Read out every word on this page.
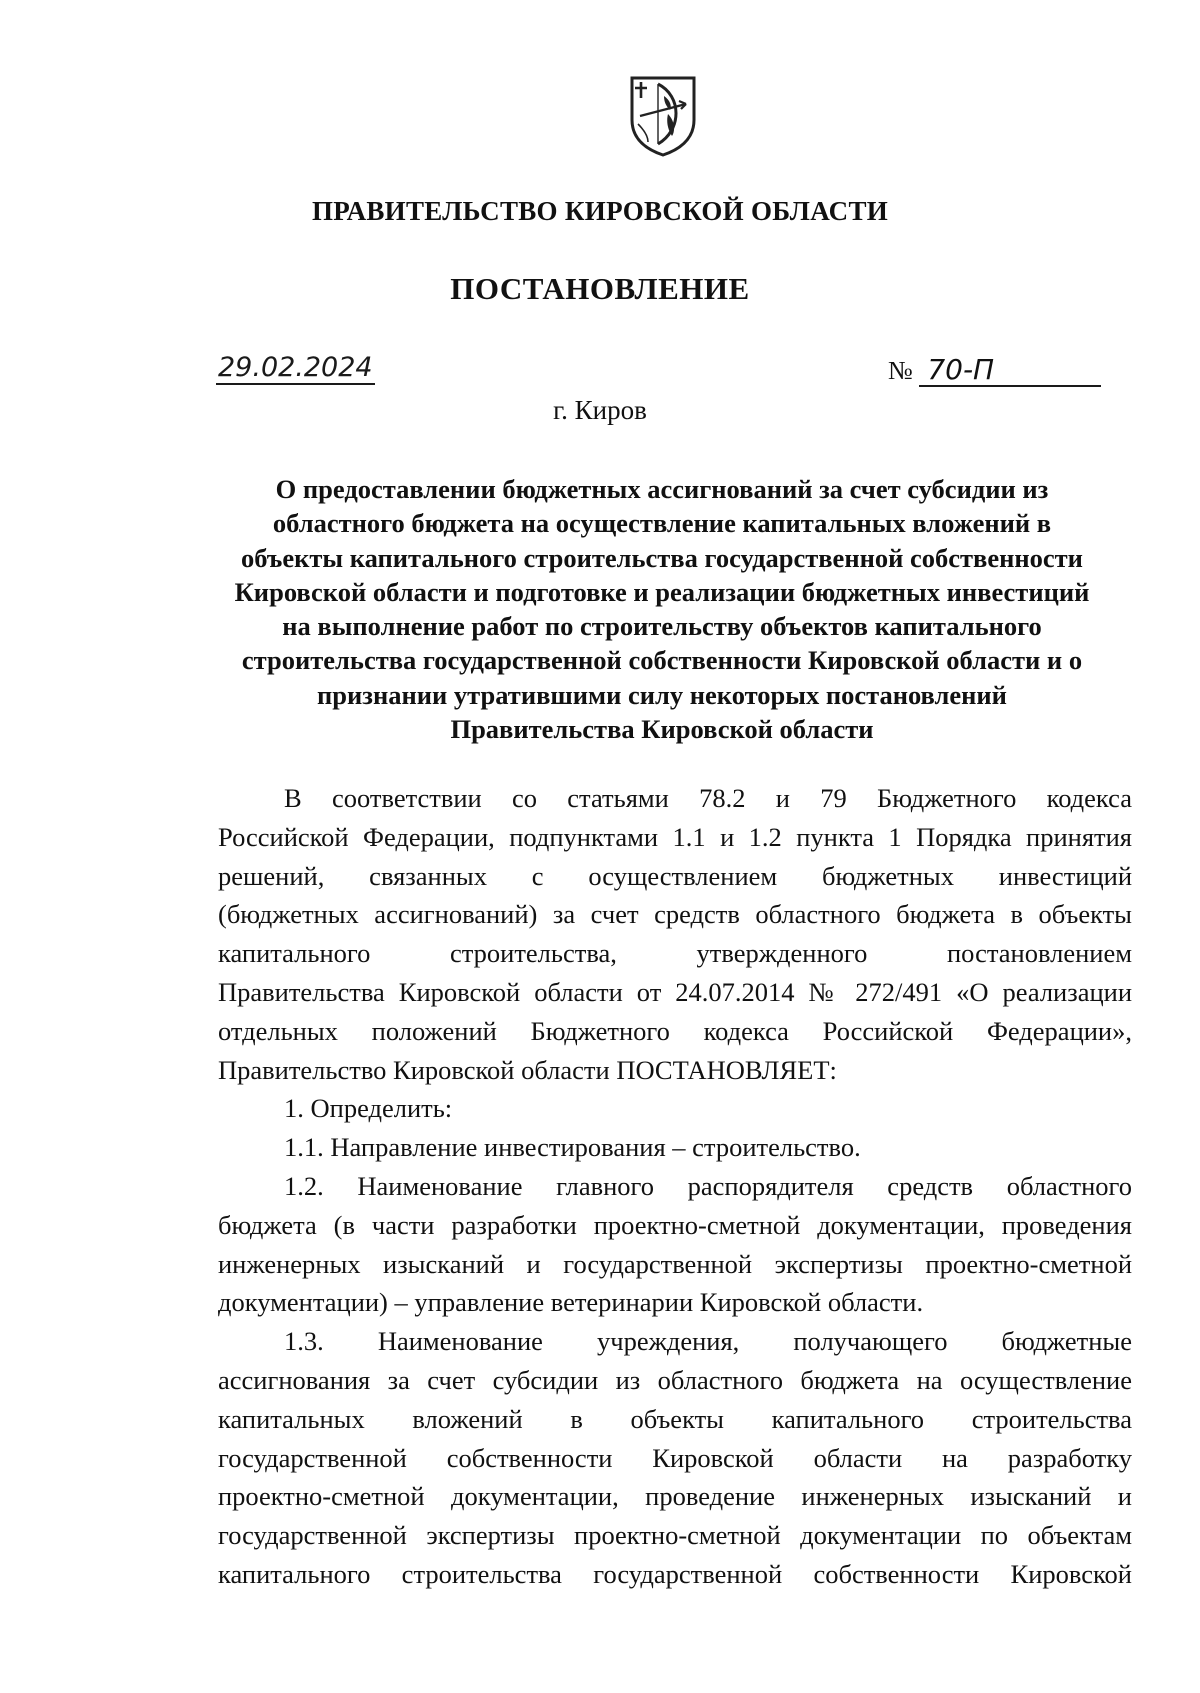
ПРАВИТЕЛЬСТВО КИРОВСКОЙ ОБЛАСТИ
ПОСТАНОВЛЕНИЕ
29.02.2024	№ 70-П
г. Киров
О предоставлении бюджетных ассигнований за счет субсидии из
областного бюджета на осуществление капитальных вложений в
объекты капитального строительства государственной собственности
Кировской области и подготовке и реализации бюджетных инвестиций
на выполнение работ по строительству объектов капитального
строительства государственной собственности Кировской области и о
признании утратившими силу некоторых постановлений
Правительства Кировской области
В соответствии со статьями 78.2 и 79 Бюджетного кодекса
Российской Федерации, подпунктами 1.1 и 1.2 пункта 1 Порядка принятия
решений, связанных с осуществлением бюджетных инвестиций
(бюджетных ассигнований) за счет средств областного бюджета в объекты
капитального строительства, утвержденного постановлением
Правительства Кировской области от 24.07.2014 № 272/491 «О реализации
отдельных положений Бюджетного кодекса Российской Федерации»,
Правительство Кировской области ПОСТАНОВЛЯЕТ:
1. Определить:
1.1. Направление инвестирования – строительство.
1.2. Наименование главного распорядителя средств областного
бюджета (в части разработки проектно-сметной документации, проведения
инженерных изысканий и государственной экспертизы проектно-сметной
документации) – управление ветеринарии Кировской области.
1.3. Наименование учреждения, получающего бюджетные
ассигнования за счет субсидии из областного бюджета на осуществление
капитальных вложений в объекты капитального строительства
государственной собственности Кировской области на разработку
проектно-сметной документации, проведение инженерных изысканий и
государственной экспертизы проектно-сметной документации по объектам
капитального строительства государственной собственности Кировской
